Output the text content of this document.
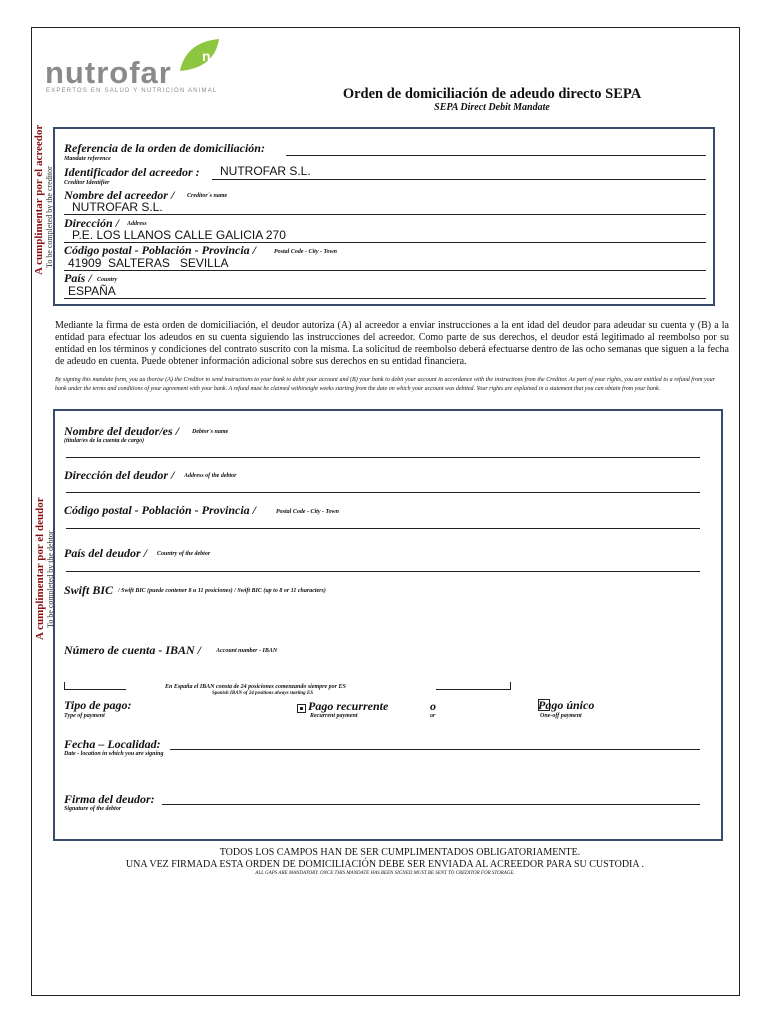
n
nutrofar
EXPERTOS EN SALUD Y NUTRICION ANIMAL	Orden de domiciliación de adeudo directo SEPA
SEPA Direct Debit Mandate
A cumplimentar por el acreedor To be completed by the creditor
Referencia de la orden de domiciliación:
Mandate reference
Identificador del acreedor : NUTROFAR S.L.
Creditor Identifier
Nombre del acreedor / Creditor´s name
NUTROFAR S.L.
Dirección / Address
P.E. LOS LLANOS CALLE GALICIA 270
Código postal - Población - Provincia /	Postal Code - City - Town
41909  SALTERAS   SEVILLA
País / Country
ESPAÑA
Mediante la firma de esta orden de domiciliación, el deudor autoriza (A) al acreedor a enviar instrucciones a la ent idad del deudor para adeudar su cuenta y (B) a la entidad para efectuar los adeudos en su cuenta siguiendo las instrucciones del acreedor. Como parte de sus derechos, el deudor está legitimado al reembolso por su entidad en los términos y condiciones del contrato suscrito con la misma. La solicitud de reembolso deberá efectuarse dentro de las ocho semanas que siguen a la fecha de adeudo en cuenta. Puede obtener información adicional sobre sus derechos en su entidad financiera.
By signing this mandate form, you au thorise (A) the Creditor to send instructions to your bank to debit your account and (B) your bank to debit your account in accordance with the instructions from the Creditor. As part of your rights, you are entitled to a refund from your bank under the terms and conditions of your agreement with your bank. A refund must be claimed withineight weeks starting from the date on which your account was debited. Your rights are explained in a statement that you can obtain from your bank.
A cumplimentar por el deudor To be completed by the debtor
Nombre del deudor/es / Debtor's name
(titular/es de la cuenta de cargo)
Dirección del deudor / Address of the debtor
Código postal - Población - Provincia /	Postal Code - City - Town
País del deudor / Country of the debtor
Swift BIC / Swift BIC (puede contener 8 u 11 posiciones) / Swift BIC (up to 8 or 11 characters)
Número de cuenta - IBAN / Account number - IBAN
En España el IBAN consta de 24 posiciones comenzando siempre por ES
Spanish IBAN of 24 positions always starting ES
Tipo de pago:
Type of payment

Pago recurrente
Recurrent payment
o
or
Pago único
One-off payment
Fecha – Localidad:
Date - location in which you are signing
Firma del deudor:
Signature of the debtor
TODOS LOS CAMPOS HAN DE SER CUMPLIMENTADOS OBLIGATORIAMENTE.
UNA VEZ FIRMADA ESTA ORDEN DE DOMICILIACIÓN DEBE SER ENVIADA AL ACREEDOR PARA SU CUSTODIA .
ALL GAPS ARE MANDATORY. ONCE THIS MANDATE HAS BEEN SIGNED MUST BE SENT TO CREDITOR FOR STORAGE.
